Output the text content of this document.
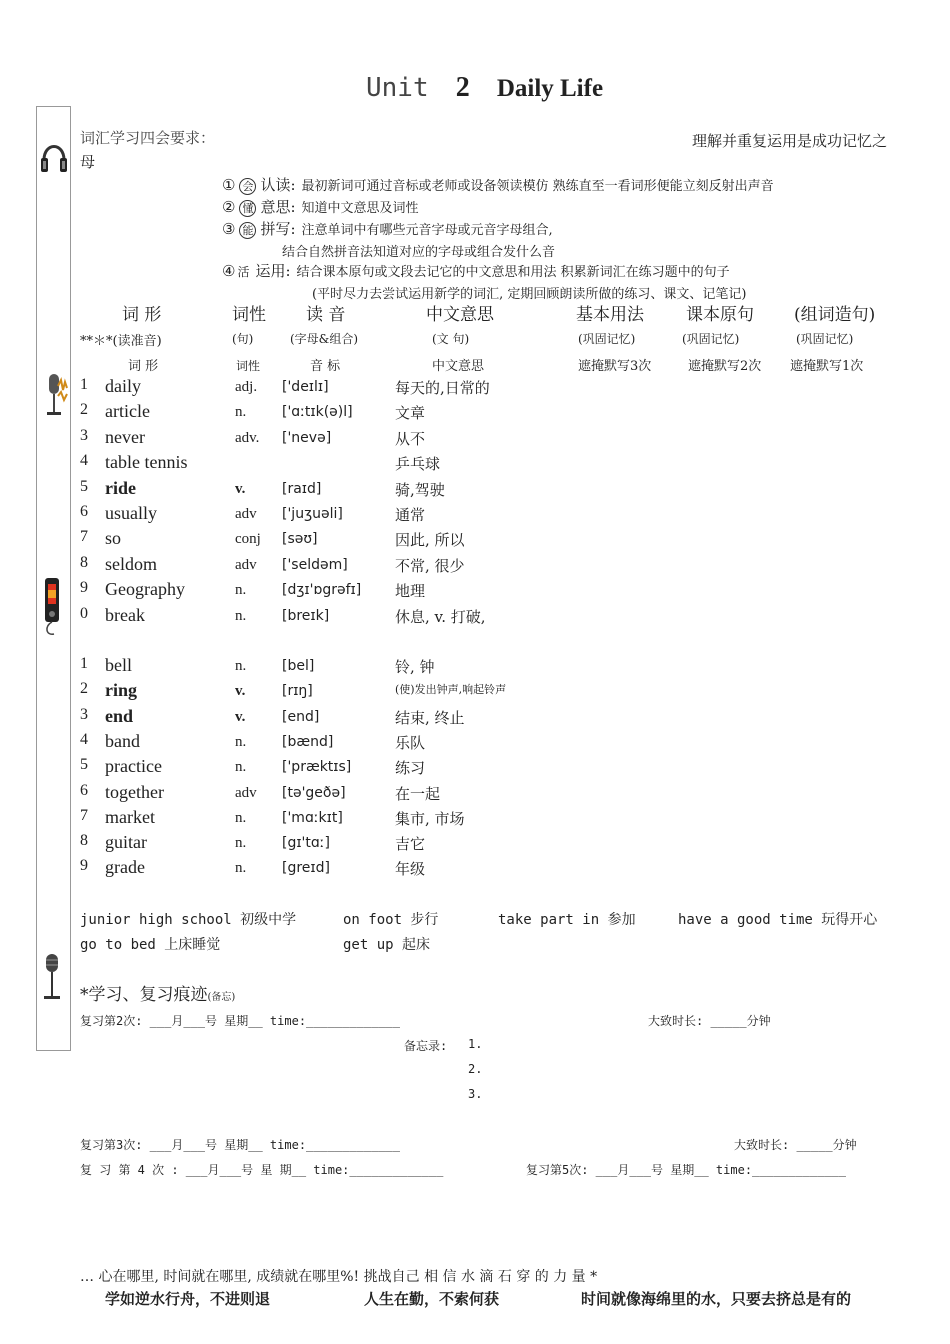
Unit 2 Daily Life
词汇学习四会要求：
母
理解并重复运用是成功记忆之
① 会 认读: 最初新词可通过音标或老师或设备领读模仿 熟练直至一看词形便能立刻反射出声音
② 懂 意思: 知道中文意思及词性
③ 能 拼写: 注意单词中有哪些元音字母或元音字母组合,
结合自然拼音法知道对应的字母或组合发什么音
④ 活 运用: 结合课本原句或文段去记它的中文意思和用法 积累新词汇在练习题中的句子
(平时尽力去尝试运用新学的词汇, 定期回顾朗读所做的练习、课文、记笔记)
词 形	词性 读 音	中文意思	基本用法 课本原句 (组词造句)
**＊*(读准音)	(句)	(字母&组合)	(文 句)	(巩固记忆)	(巩固记忆)	(巩固记忆)
词 形	词性	音 标	中文意思	遮掩默写3次	遮掩默写2次 遮掩默写1次
1 daily	adj. ['deɪlɪ]	每天的,日常的
2 article	n.	['ɑːtɪk(ə)l]	文章
3 never	adv. ['nevə]	从不
4 table tennis	乒乓球
5 ride	v.	[raɪd]	骑,驾驶
6 usually	adv ['juʒuəli]	通常
7 so	conj [səʊ]	因此, 所以
8 seldom	adv ['seldəm]	不常, 很少
9 Geography	n.	[dʒɪ'ɒgrəfɪ] 地理
0 break	n.	[breɪk]	休息, v. 打破,
1 bell	n.	[bel]	铃, 钟
2 ring	v.	[rɪŋ]	(使)发出钟声,响起铃声
3 end	v.	[end]	结束, 终止
4 band	n.	[bænd]	乐队
5 practice	n.	['præktɪs]	练习
6 together	adv [tə'geðə]	在一起
7 market	n.	['mɑːkɪt]	集市, 市场
8 guitar	n.	[gɪ'tɑː]	吉它
9 grade	n.	[greɪd]	年级
junior high school 初级中学	on foot 步行	take part in 参加	have a good time 玩得开心
go to bed 上床睡觉	get up 起床
*学习、复习痕迹(备忘)
复习第2次: ___月___号 星期__ time:_____________	大致时长: _____分钟
备忘录: 1.
2.
3.
复习第3次: ___月___号 星期__ time:_____________	大致时长: _____分钟
复 习 第 4 次 : ___月___号 星 期__ time:_____________	复习第5次: ___月___号 星期__ time:_____________
… 心在哪里, 时间就在哪里, 成绩就在哪里%! 挑战自己 相 信 水 滴 石 穿 的 力 量 *
学如逆水行舟，不进则退	人生在勤，不索何获	时间就像海绵里的水，只要去挤总是有的
